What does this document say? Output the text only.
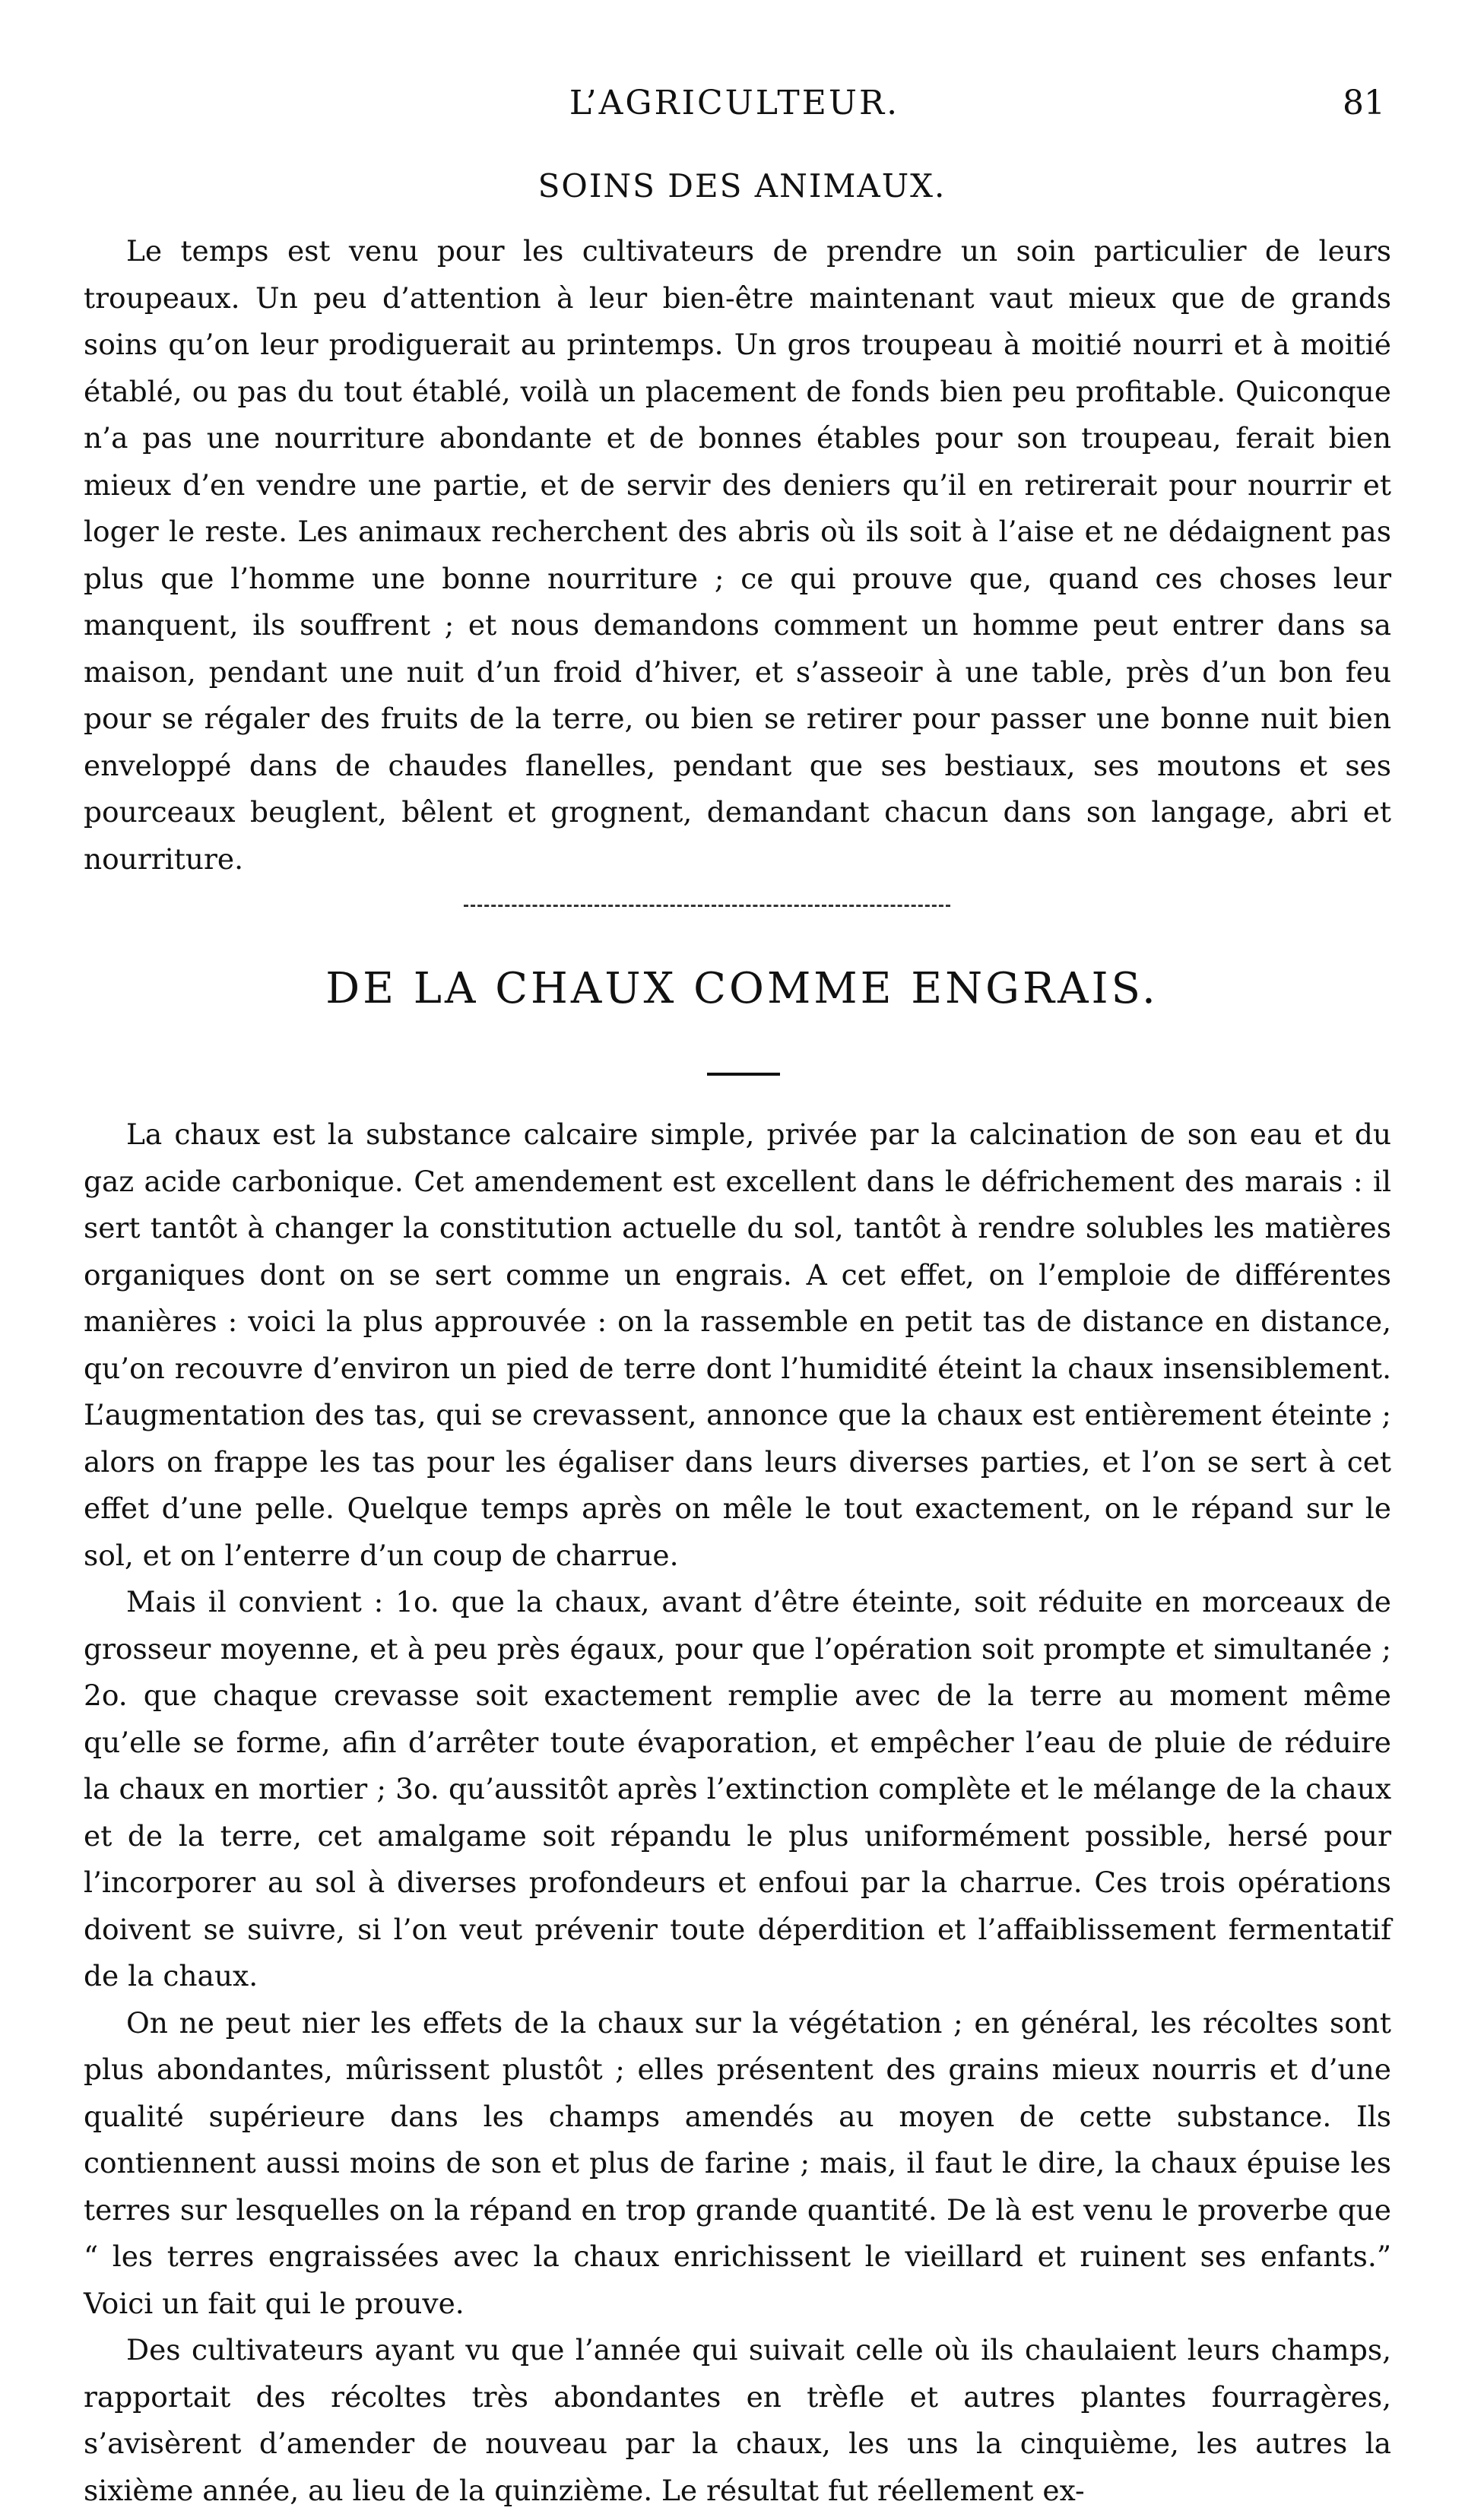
L’AGRICULTEUR.	81
SOINS DES ANIMAUX.

Le temps est venu pour les cultivateurs de prendre un soin particulier de leurs troupeaux. Un peu d’attention à leur bien-être maintenant vaut mieux que de grands soins qu’on leur prodiguerait au printemps. Un gros troupeau à moitié nourri et à moitié établé, ou pas du tout établé, voilà un placement de fonds bien peu profitable. Quiconque n’a pas une nourriture abondante et de bonnes étables pour son troupeau, ferait bien mieux d’en vendre une partie, et de servir des deniers qu’il en retirerait pour nourrir et loger le reste. Les animaux recherchent des abris où ils soit à l’aise et ne dédaignent pas plus que l’homme une bonne nourriture ; ce qui prouve que, quand ces choses leur manquent, ils souffrent ; et nous demandons comment un homme peut entrer dans sa maison, pendant une nuit d’un froid d’hiver, et s’asseoir à une table, près d’un bon feu pour se régaler des fruits de la terre, ou bien se retirer pour passer une bonne nuit bien enveloppé dans de chaudes flanelles, pendant que ses bestiaux, ses moutons et ses pourceaux beuglent, bêlent et grognent, demandant chacun dans son langage, abri et nourriture.

DE LA CHAUX COMME ENGRAIS.

La chaux est la substance calcaire simple, privée par la calcination de son eau et du gaz acide carbonique. Cet amendement est excellent dans le défrichement des marais : il sert tantôt à changer la constitution actuelle du sol, tantôt à rendre solubles les matières organiques dont on se sert comme un engrais. A cet effet, on l’emploie de différentes manières : voici la plus approuvée : on la rassemble en petit tas de distance en distance, qu’on recouvre d’environ un pied de terre dont l’humidité éteint la chaux insensiblement. L’augmentation des tas, qui se crevassent, annonce que la chaux est entièrement éteinte ; alors on frappe les tas pour les égaliser dans leurs diverses parties, et l’on se sert à cet effet d’une pelle. Quelque temps après on mêle le tout exactement, on le répand sur le sol, et on l’enterre d’un coup de charrue.

Mais il convient : 1o. que la chaux, avant d’être éteinte, soit réduite en morceaux de grosseur moyenne, et à peu près égaux, pour que l’opération soit prompte et simultanée ; 2o. que chaque crevasse soit exactement remplie avec de la terre au moment même qu’elle se forme, afin d’arrêter toute évaporation, et empêcher l’eau de pluie de réduire la chaux en mortier ; 3o. qu’aussitôt après l’extinction complète et le mélange de la chaux et de la terre, cet amalgame soit répandu le plus uniformément possible, hersé pour l’incorporer au sol à diverses profondeurs et enfoui par la charrue. Ces trois opérations doivent se suivre, si l’on veut prévenir toute déperdition et l’affaiblissement fermentatif de la chaux.

On ne peut nier les effets de la chaux sur la végétation ; en général, les récoltes sont plus abondantes, mûrissent plustôt ; elles présentent des grains mieux nourris et d’une qualité supérieure dans les champs amendés au moyen de cette substance. Ils contiennent aussi moins de son et plus de farine ; mais, il faut le dire, la chaux épuise les terres sur lesquelles on la répand en trop grande quantité. De là est venu le proverbe que “ les terres engraissées avec la chaux enrichissent le vieillard et ruinent ses enfants.” Voici un fait qui le prouve.

Des cultivateurs ayant vu que l’année qui suivait celle où ils chaulaient leurs champs, rapportait des récoltes très abondantes en trèfle et autres plantes fourragères, s’avisèrent d’amender de nouveau par la chaux, les uns la cinquième, les autres la sixième année, au lieu de la quinzième. Le résultat fut réellement ex-
